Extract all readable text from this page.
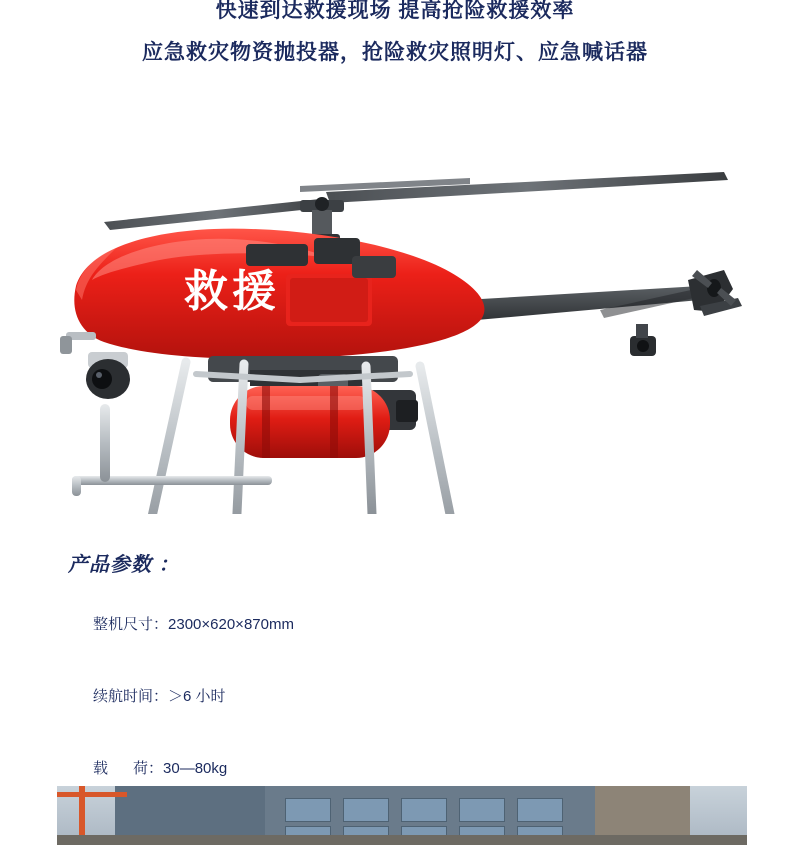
快速到达救援现场 提高抢险救援效率
应急救灾物资抛投器，抢险救灾照明灯、应急喊话器
救援
产品参数 ：

整机尺寸：2300×620×870mm

续航时间：＞6 小时

载      荷：30—80kg
